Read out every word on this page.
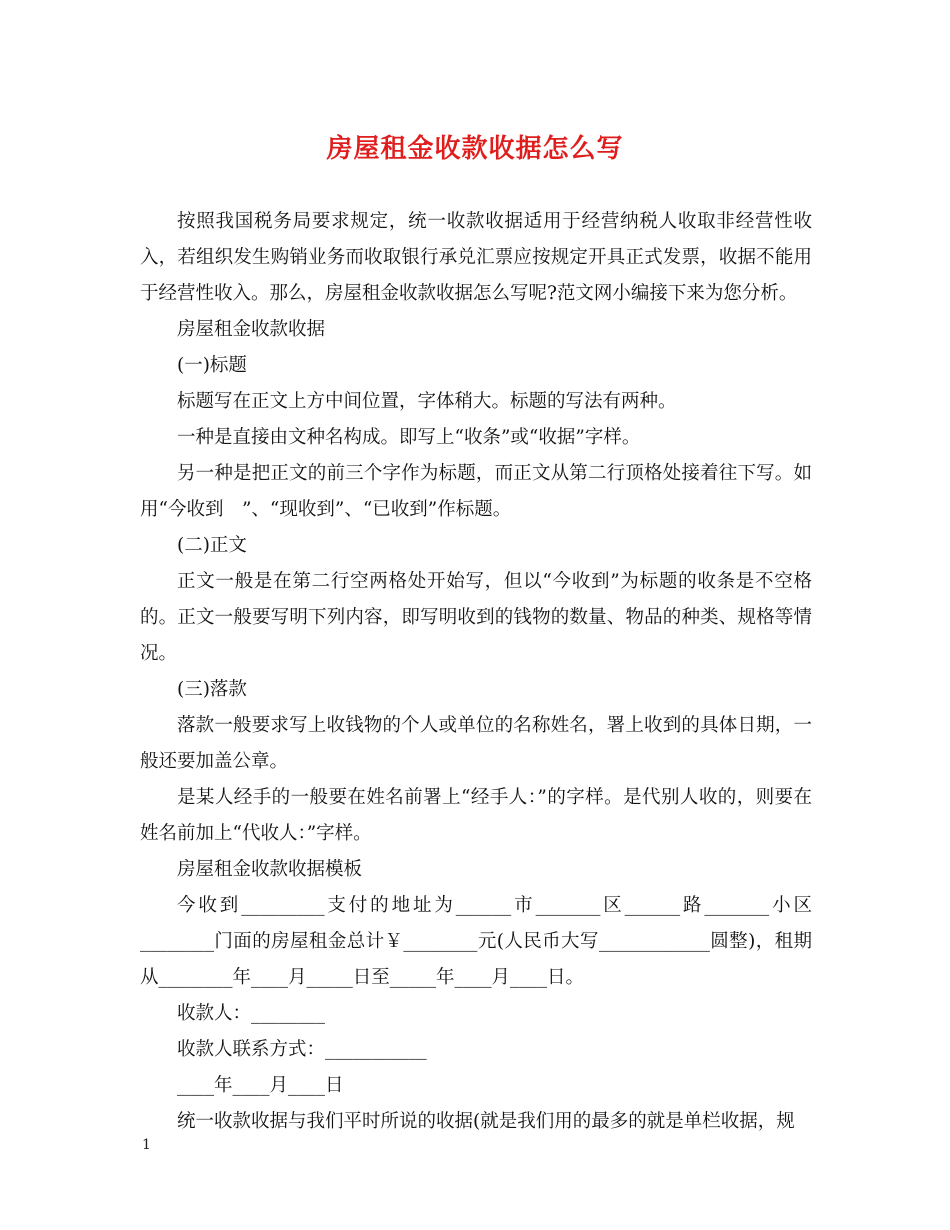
房屋租金收款收据怎么写

按照我国税务局要求规定，统一收款收据适用于经营纳税人收取非经营性收入，若组织发生购销业务而收取银行承兑汇票应按规定开具正式发票，收据不能用于经营性收入。那么，房屋租金收款收据怎么写呢?范文网小编接下来为您分析。

房屋租金收款收据

(一)标题

标题写在正文上方中间位置，字体稍大。标题的写法有两种。

一种是直接由文种名构成。即写上“收条”或“收据”字样。

另一种是把正文的前三个字作为标题，而正文从第二行顶格处接着往下写。如用“今收到　”、“现收到”、“已收到”作标题。

(二)正文

正文一般是在第二行空两格处开始写，但以“今收到”为标题的收条是不空格的。正文一般要写明下列内容，即写明收到的钱物的数量、物品的种类、规格等情况。

(三)落款

落款一般要求写上收钱物的个人或单位的名称姓名，署上收到的具体日期，一般还要加盖公章。

是某人经手的一般要在姓名前署上“经手人：”的字样。是代别人收的，则要在姓名前加上“代收人：”字样。

房屋租金收款收据模板

今收到_________支付的地址为______市_______区______路_______小区________门面的房屋租金总计￥________元(人民币大写____________圆整)，租期从________年____月_____日至_____年____月____日。

收款人：________

收款人联系方式：___________

____年____月____日

统一收款收据与我们平时所说的收据(就是我们用的最多的就是单栏收据，规

1
